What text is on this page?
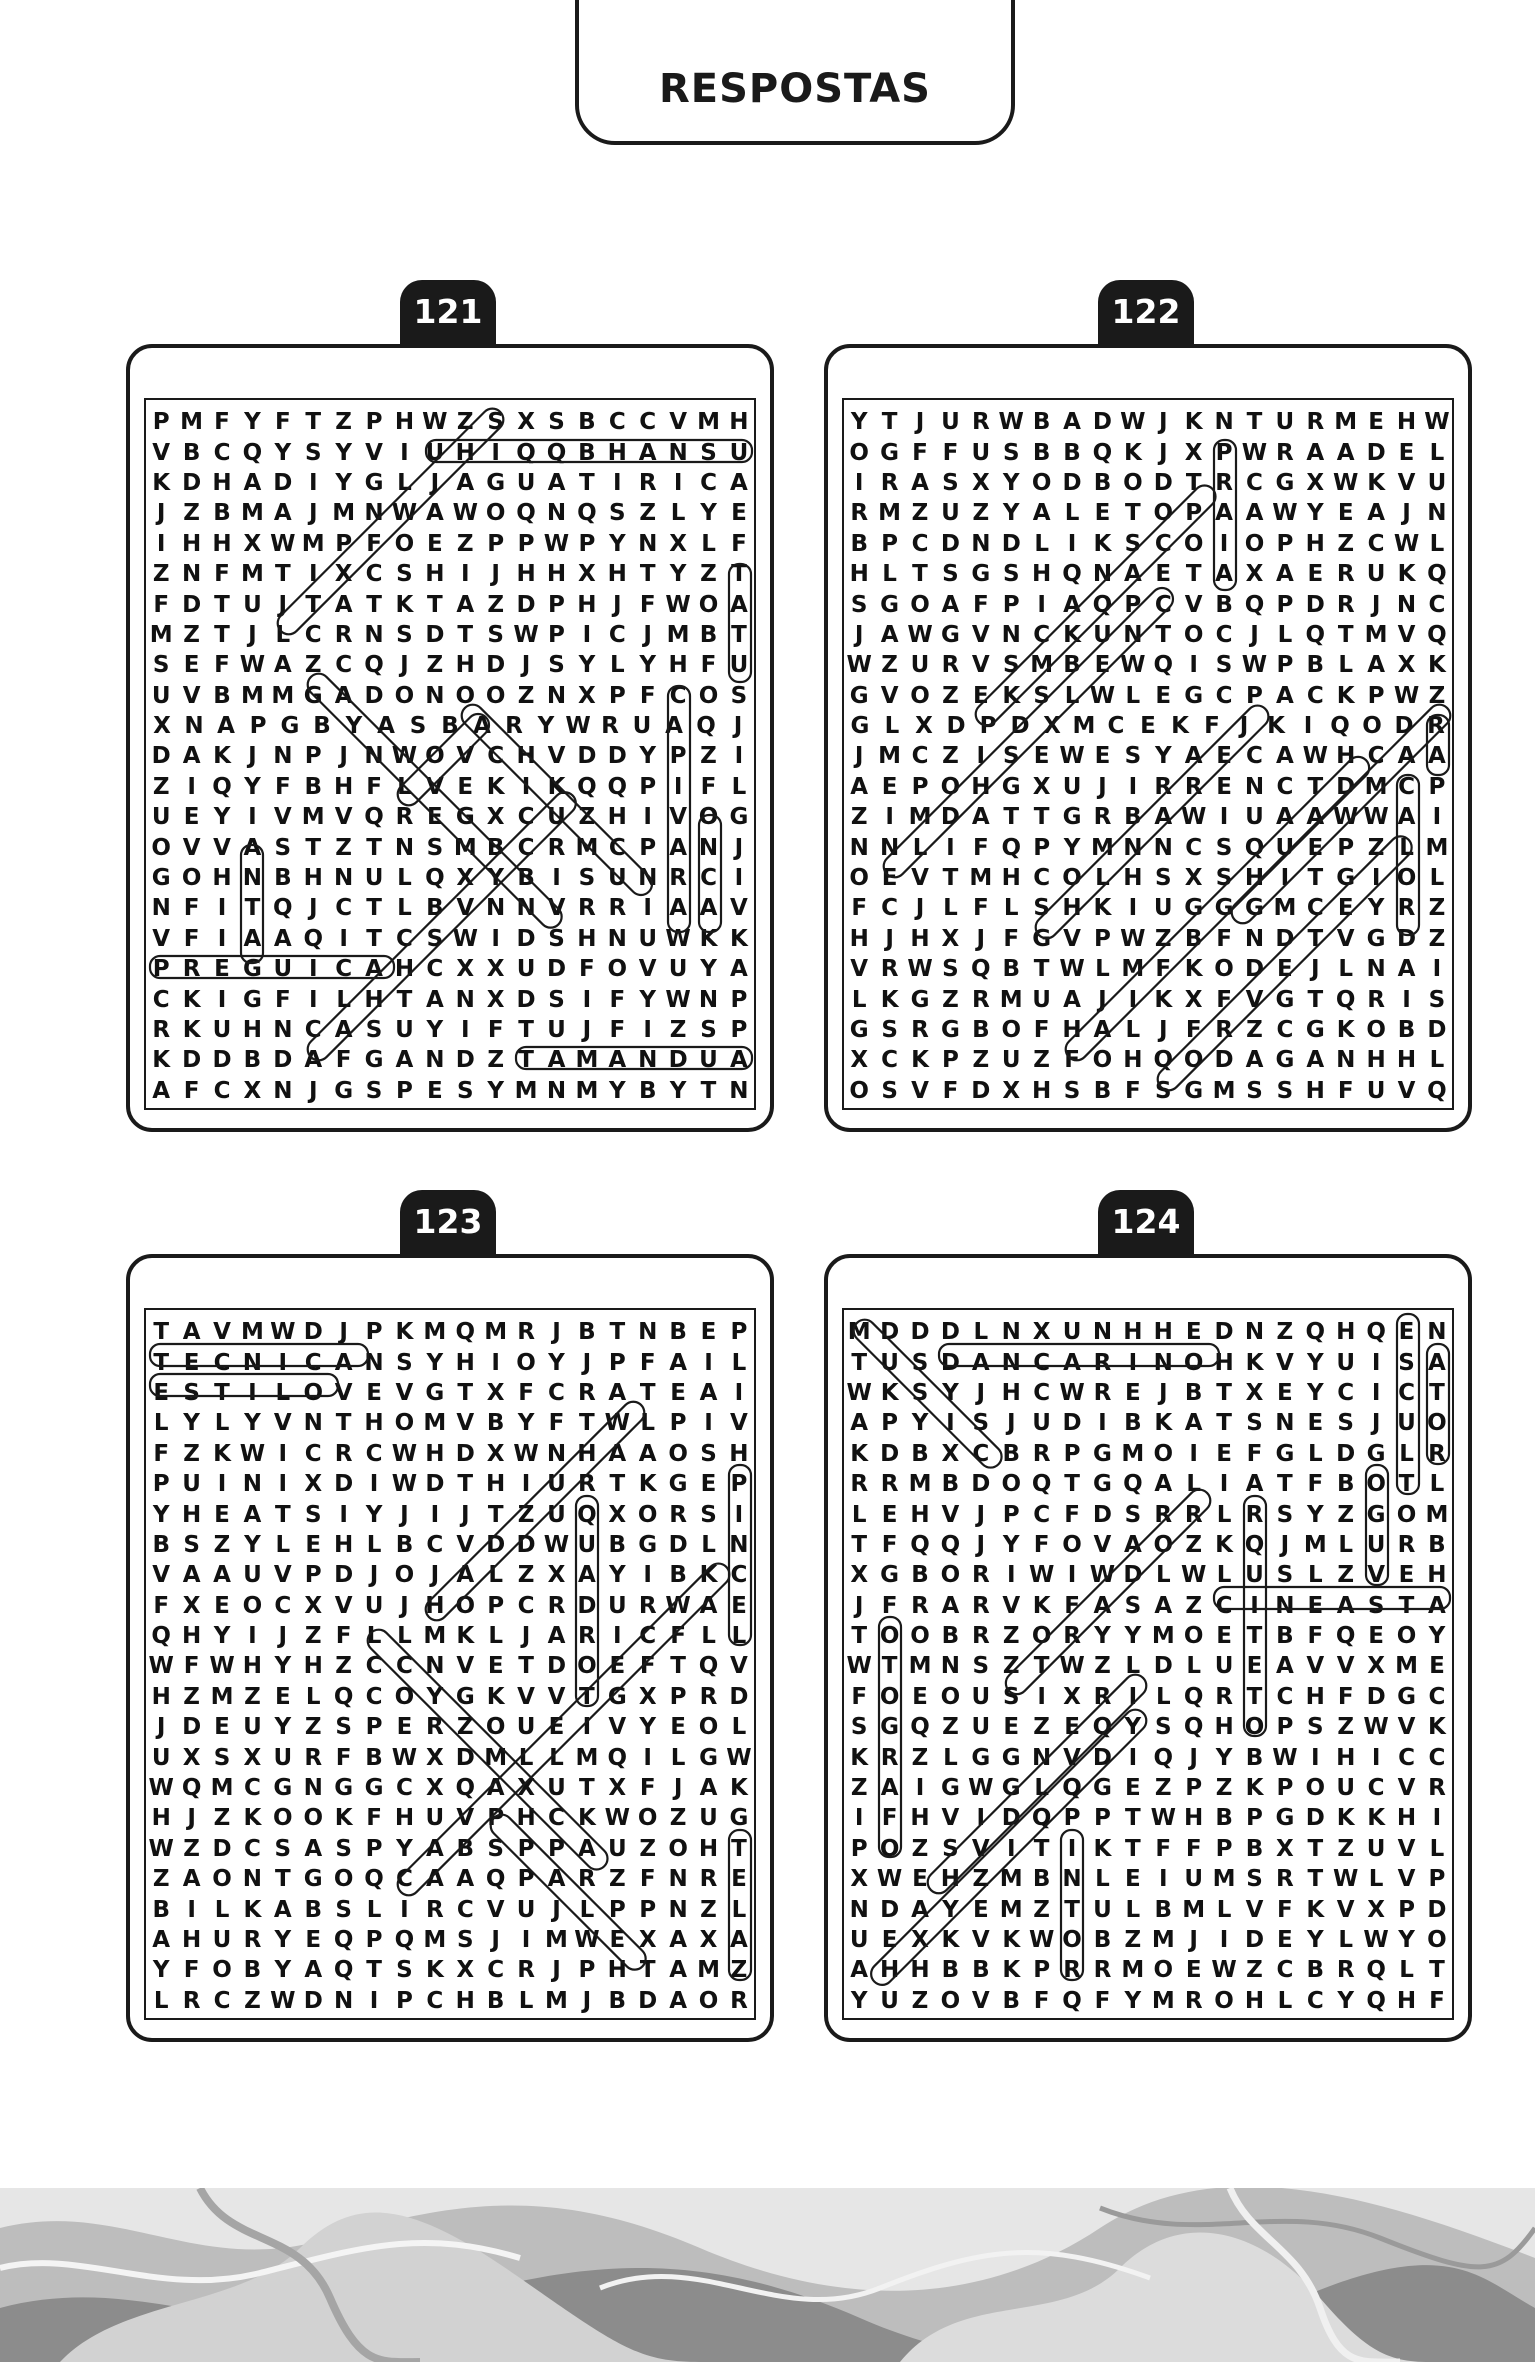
RESPOSTAS
121
P M F Y F T Z P H W Z S X S B C C V M H
V B C Q Y S Y V I U H I Q Q B H A N S U
K D H A D I Y G L J A G U A T I R I C A
J Z B M A J M N W A W O Q N Q S Z L Y E
I H H X W M P F O E Z P P W P Y N X L F
Z N F M T I X C S H I J H H X H T Y Z T
F D T U J T A T K T A Z D P H J F W O A
M Z T J L C R N S D T S W P I C J M B T
S E F W A Z C Q J Z H D J S Y L Y H F U
U V B M M G A D O N O O Z N X P F C O S
X N A P G B Y A S B A R Y W R U A Q J
D A K J N P J N W O V C H V D D Y P Z I
Z I Q Y F B H F L V E K I K Q Q P I F L
U E Y I V M V Q R E G X C U Z H I V O G
O V V A S T Z T N S M B C R M C P A N J
G O H N B H N U L Q X Y B I S U N R C I
N F I T Q J C T L B V N N V R R I A A V
V F I A A Q I T C S W I D S H N U W K K
P R E G U I C A H C X X U D F O V U Y A
C K I G F I L H T A N X D S I F Y W N P
R K U H N C A S U Y I F T U J F I Z S P
K D D B D A F G A N D Z T A M A N D U A
A F C X N J G S P E S Y M N M Y B Y T N
122
Y T J U R W B A D W J K N T U R M E H W
O G F F U S B B Q K J X P W R A A D E L
I R A S X Y O D B O D T R C G X W K V U
R M Z U Z Y A L E T O P A A W Y E A J N
B P C D N D L I K S C O I O P H Z C W L
H L T S G S H Q N A E T A X A E R U K Q
S G O A F P I A Q P C V B Q P D R J N C
J A W G V N C K U N T O C J L Q T M V Q
W Z U R V S M B E W Q I S W P B L A X K
G V O Z E K S L W L E G C P A C K P W Z
G L X D P D X M C E K F J K I Q O D R
J M C Z I S E W E S Y A E C A W H C A A
A E P O H G X U J I R R E N C T D M C P
Z I M D A T T G R B A W I U A A W W A I
N N L I F Q P Y M N N C S Q U E P Z L M
O E V T M H C O L H S X S H I T G I O L
F C J L F L S H K I U G G G M C E Y R Z
H J H X J F G V P W Z B F N D T V G D Z
V R W S Q B T W L M F K O D E J L N A I
L K G Z R M U A J I K X F V G T Q R I S
G S R G B O F H A L J F R Z C G K O B D
X C K P Z U Z F O H Q O D A G A N H H L
O S V F D X H S B F S G M S S H F U V Q
123
T A V M W D J P K M Q M R J B T N B E P
T E C N I C A N S Y H I O Y J P F A I L
E S T I L O V E V G T X F C R A T E A I
L Y L Y V N T H O M V B Y F T W L P I V
F Z K W I C R C W H D X W N H A A O S H
P U I N I X D I W D T H I U R T K G E P
Y H E A T S I Y J I J T Z U Q X O R S I
B S Z Y L E H L B C V D D W U B G D L N
V A A U V P D J O J A L Z X A Y I B K C
F X E O C X V U J H O P C R D U R W A E
Q H Y I J Z F L L M K L J A R I C F L L
W F W H Y H Z C C N V E T D O E F T Q V
H Z M Z E L Q C O Y G K V V T G X P R D
J D E U Y Z S P E R Z O U E I V Y E O L
U X S X U R F B W X D M L L M Q I L G W
W Q M C G N G G C X Q A X U T X F J A K
H J Z K O O K F H U V P H C K W O Z U G
W Z D C S A S P Y A B S P P A U Z O H T
Z A O N T G O Q C A A Q P A R Z F N R E
B I L K A B S L I R C V U J L P P N Z L
A H U R Y E Q P Q M S J I M W E X A X A
Y F O B Y A Q T S K X C R J P H T A M Z
L R C Z W D N I P C H B L M J B D A O R
124
M D D D L N X U N H H E D N Z Q H Q E N
T U S D A N C A R I N O H K V Y U I S A
W K S Y J H C W R E J B T X E Y C I C T
A P Y I S J U D I B K A T S N E S J U O
K D B X C B R P G M O I E F G L D G L R
R R M B D O Q T G Q A L I A T F B O T L
L E H V J P C F D S R R L R S Y Z G O M
T F Q Q J Y F O V A O Z K Q J M L U R B
X G B O R I W I W D L W L U S L Z V E H
J F R A R V K F A S A Z C I N E A S T A
T O O B R Z O R Y Y M O E T B F Q E O Y
W T M N S Z T W Z L D L U E A V V X M E
F O E O U S I X R I L Q R T C H F D G C
S G Q Z U E Z E Q Y S Q H O P S Z W V K
K R Z L G G N V D I Q J Y B W I H I C C
Z A I G W G L Q G E Z P Z K P O U C V R
I F H V I D Q P P T W H B P G D K K H I
P O Z S V I T I K T F F P B X T Z U V L
X W E H Z M B N L E I U M S R T W L V P
N D A Y E M Z T U L B M L V F K V X P D
U E X K V K W O B Z M J I D E Y L W Y O
A H H B B K P R R M O E W Z C B R Q L T
Y U Z O V B F Q F Y M R O H L C Y Q H F
